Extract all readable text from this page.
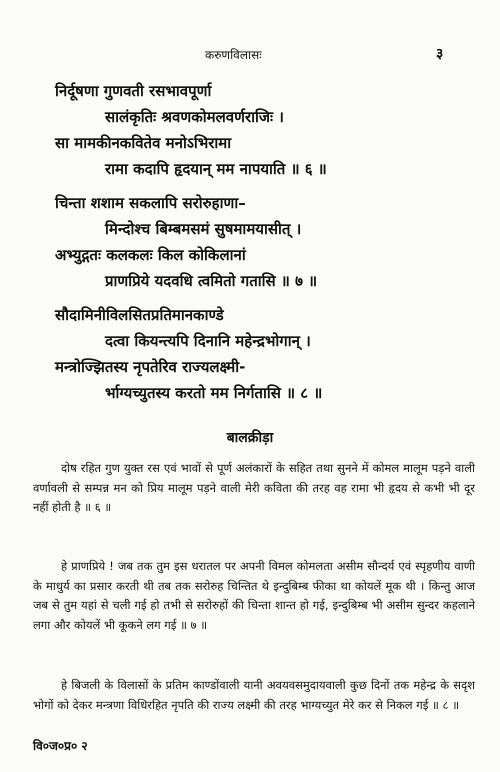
करुणविलासः	३
निर्दूषणा गुणवती रसभावपूर्णा
सालंकृतिः श्रवणकोमलवर्णराजिः ।
सा मामकीनकवितेव मनोऽभिरामा
रामा कदापि हृदयान्‌ मम नापयाति ॥ ६ ॥
चिन्ता शशाम सकलापि सरोरुहाणा–
मिन्दोश्च बिम्बमसमं सुषमामयासीत्‌ ।
अभ्युद्गतः कलकलः किल कोकिलानां
प्राणप्रिये यदवधि त्वमितो गतासि ॥ ७ ॥
सौदामिनीविलसितप्रतिमानकाण्डे
दत्वा कियन्त्यपि दिनानि महेन्द्रभोगान्‌ ।
मन्त्रोज्झितस्य नृपतेरिव राज्यलक्ष्मी-
र्भाग्यच्युतस्य करतो मम निर्गतासि ॥ ८ ॥
बालक्रीड़ा

दोष रहित गुण युक्त रस एवं भावों से पूर्ण अलंकारों के सहित तथा सुनने में कोमल मालूम पड़ने वाली वर्णावली से सम्पन्न मन को प्रिय मालूम पड़ने वाली मेरी कविता की तरह वह रामा भी हृदय से कभी भी दूर नहीं होती है ॥ ६ ॥

हे प्राणप्रिये ! जब तक तुम इस धरातल पर अपनी विमल कोमलता असीम सौन्दर्य एवं स्पृहणीय वाणी के माधुर्य का प्रसार करती थी तब तक सरोरुह चिन्तित थे इन्दुबिम्ब फीका था कोयलें मूक थी । किन्तु आज जब से तुम यहां से चली गई हो तभी से सरोरुहों की चिन्ता शान्त हो गई, इन्दुबिम्ब भी असीम सुन्दर कहलाने लगा और कोयलें भी कूकने लग गई ॥ ७ ॥

हे बिजली के विलासों के प्रतिम काण्डोंवाली यानी अवयवसमुदायवाली कुछ दिनों तक महेन्द्र के सदृश भोगों को देकर मन्त्रणा विधिरहित नृपति की राज्य लक्ष्मी की तरह भाग्यच्युत मेरे कर से निकल गई ॥ ८ ॥

वि०ज०प्र० २
